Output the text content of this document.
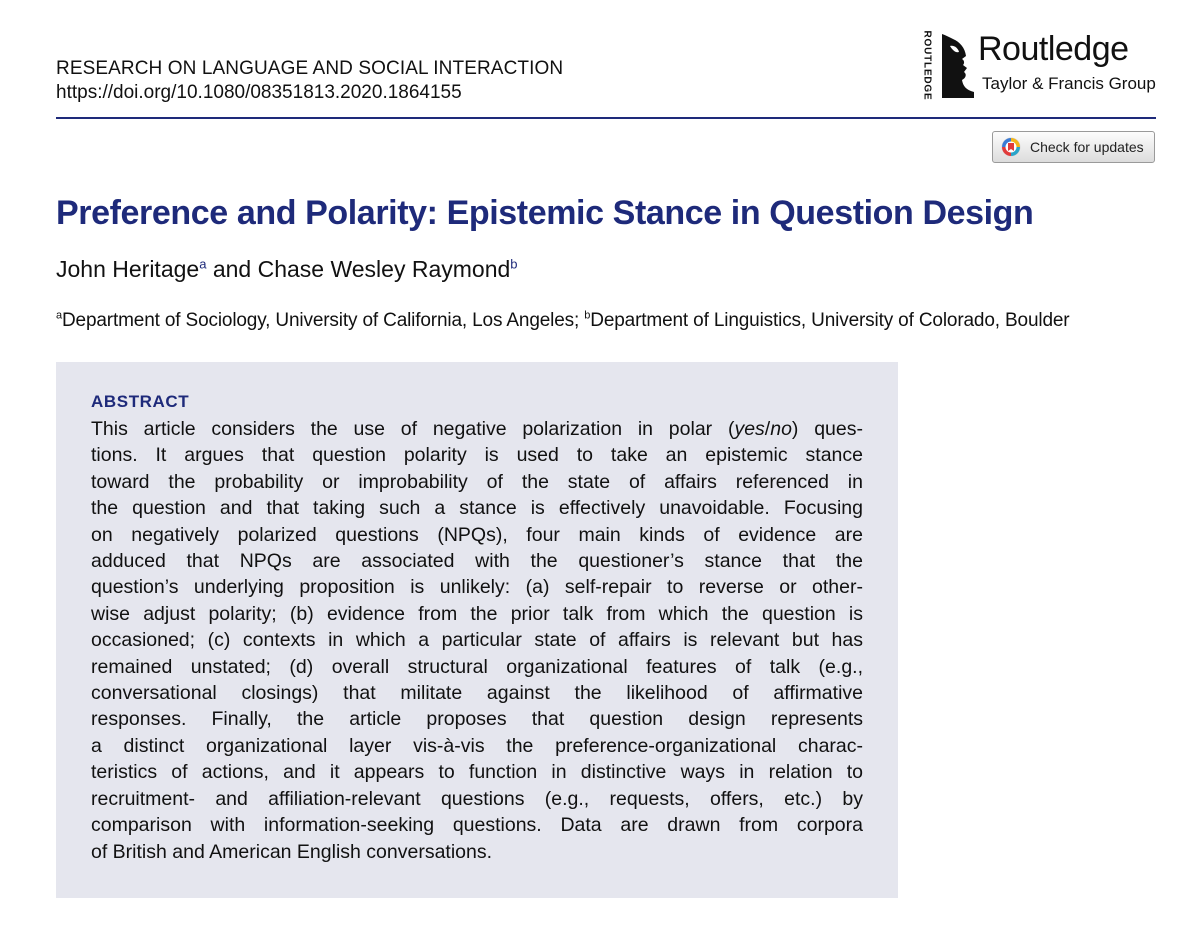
RESEARCH ON LANGUAGE AND SOCIAL INTERACTION
https://doi.org/10.1080/08351813.2020.1864155	ROUTLEDGE Routledge
Taylor & Francis Group
Check for updates
Preference and Polarity: Epistemic Stance in Question Design
John Heritage$^a$ and Chase Wesley Raymond$^b$
$^a$Department of Sociology, University of California, Los Angeles; $^b$Department of Linguistics, University of Colorado, Boulder
ABSTRACT
This article considers the use of negative polarization in polar (yes/no) ques-
tions. It argues that question polarity is used to take an epistemic stance
toward the probability or improbability of the state of affairs referenced in
the question and that taking such a stance is effectively unavoidable. Focusing
on negatively polarized questions (NPQs), four main kinds of evidence are
adduced that NPQs are associated with the questioner’s stance that the
question’s underlying proposition is unlikely: (a) self-repair to reverse or other-
wise adjust polarity; (b) evidence from the prior talk from which the question is
occasioned; (c) contexts in which a particular state of affairs is relevant but has
remained unstated; (d) overall structural organizational features of talk (e.g.,
conversational closings) that militate against the likelihood of affirmative
responses. Finally, the article proposes that question design represents
a distinct organizational layer vis-à-vis the preference-organizational charac-
teristics of actions, and it appears to function in distinctive ways in relation to
recruitment- and affiliation-relevant questions (e.g., requests, offers, etc.) by
comparison with information-seeking questions. Data are drawn from corpora
of British and American English conversations.
